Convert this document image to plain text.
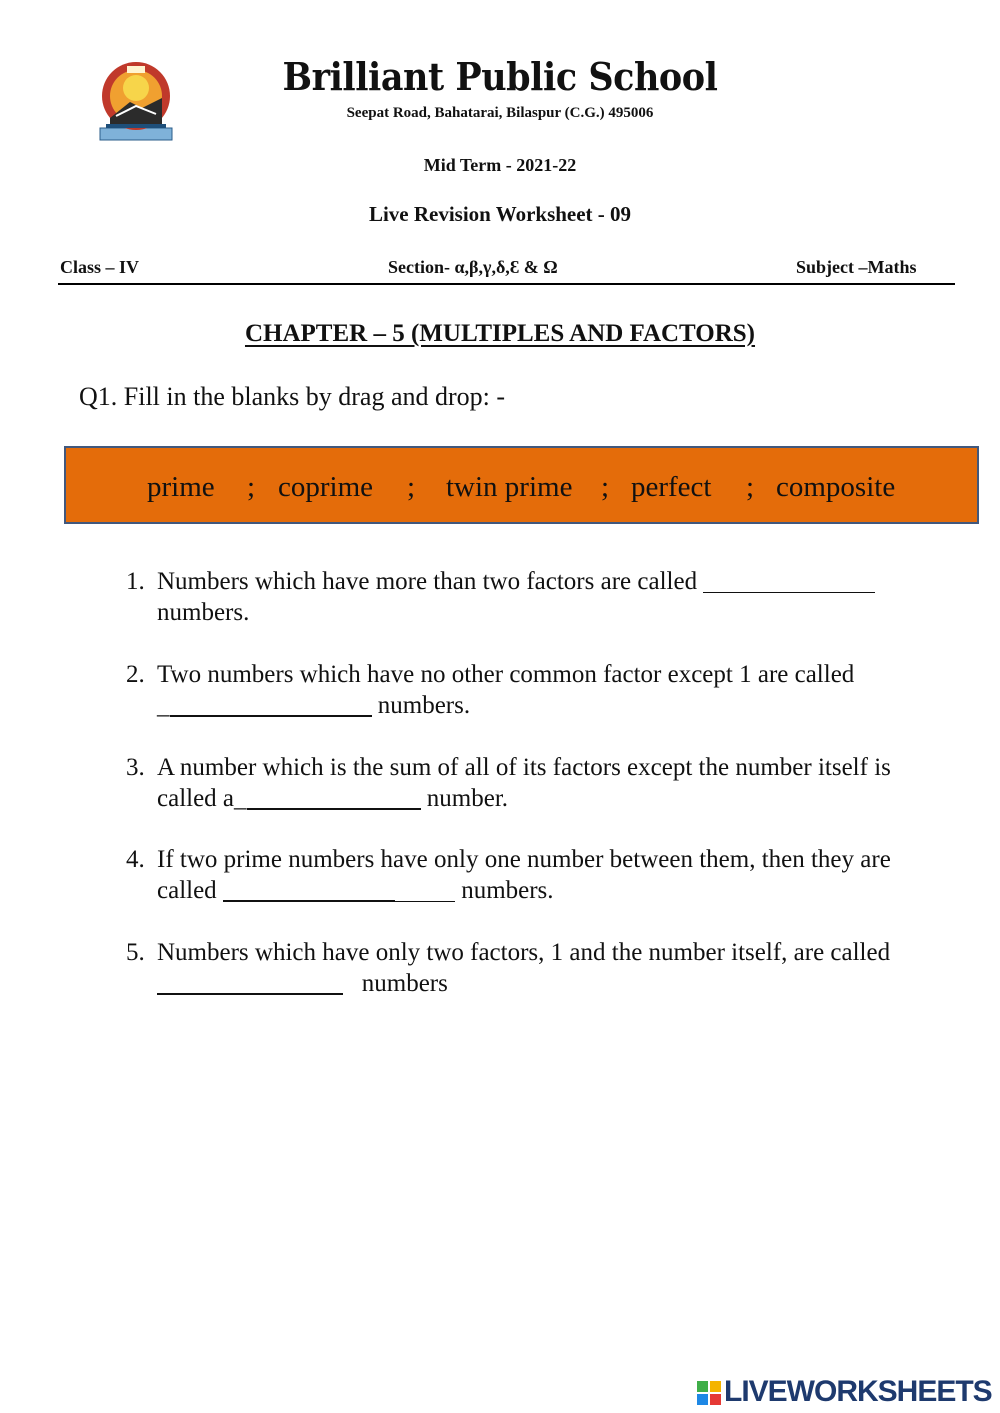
Brilliant Public School
Seepat Road, Bahatarai, Bilaspur (C.G.) 495006
Mid Term - 2021-22
Live Revision Worksheet - 09
Class – IV	Section- α,β,γ,δ,Ɛ & Ω	Subject –Maths
CHAPTER – 5 (MULTIPLES AND FACTORS)
Q1. Fill in the blanks by drag and drop: -
prime ; coprime ; twin prime ; perfect ; composite
1. Numbers which have more than two factors are called
numbers.
2. Two numbers which have no other common factor except 1 are called
_	numbers.
3. A number which is the sum of all of its factors except the number itself is
called a_	number.
4. If two prime numbers have only one number between them, then they are
called	numbers.
5. Numbers which have only two factors, 1 and the number itself, are called
numbers
LIVEWORKSHEETS
